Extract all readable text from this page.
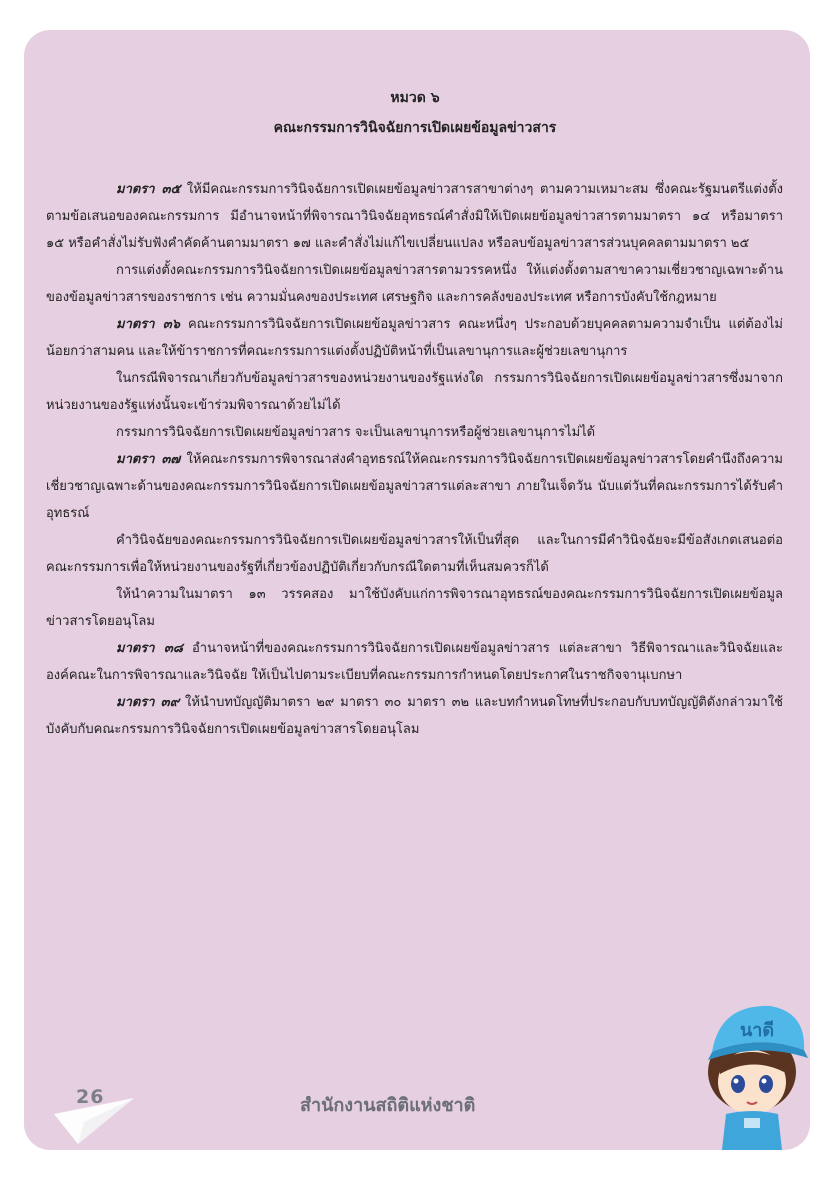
หมวด ๖
คณะกรรมการวินิจฉัยการเปิดเผยข้อมูลข่าวสาร

มาตรา ๓๕ ให้มีคณะกรรมการวินิจฉัยการเปิดเผยข้อมูลข่าวสารสาขาต่างๆ ตามความเหมาะสม ซึ่งคณะรัฐมนตรีแต่งตั้งตามข้อเสนอของคณะกรรมการ มีอำนาจหน้าที่พิจารณาวินิจฉัยอุทธรณ์คำสั่งมิให้เปิดเผยข้อมูลข่าวสารตามมาตรา ๑๔ หรือมาตรา ๑๕ หรือคำสั่งไม่รับฟังคำคัดค้านตามมาตรา ๑๗ และคำสั่งไม่แก้ไขเปลี่ยนแปลง หรือลบข้อมูลข่าวสารส่วนบุคคลตามมาตรา ๒๕

การแต่งตั้งคณะกรรมการวินิจฉัยการเปิดเผยข้อมูลข่าวสารตามวรรคหนึ่ง ให้แต่งตั้งตามสาขาความเชี่ยวชาญเฉพาะด้านของข้อมูลข่าวสารของราชการ เช่น ความมั่นคงของประเทศ เศรษฐกิจ และการคลังของประเทศ หรือการบังคับใช้กฎหมาย

มาตรา ๓๖ คณะกรรมการวินิจฉัยการเปิดเผยข้อมูลข่าวสาร คณะหนึ่งๆ ประกอบด้วยบุคคลตามความจำเป็น แต่ต้องไม่น้อยกว่าสามคน และให้ข้าราชการที่คณะกรรมการแต่งตั้งปฏิบัติหน้าที่เป็นเลขานุการและผู้ช่วยเลขานุการ

ในกรณีพิจารณาเกี่ยวกับข้อมูลข่าวสารของหน่วยงานของรัฐแห่งใด กรรมการวินิจฉัยการเปิดเผยข้อมูลข่าวสารซึ่งมาจากหน่วยงานของรัฐแห่งนั้นจะเข้าร่วมพิจารณาด้วยไม่ได้

กรรมการวินิจฉัยการเปิดเผยข้อมูลข่าวสาร จะเป็นเลขานุการหรือผู้ช่วยเลขานุการไม่ได้

มาตรา ๓๗ ให้คณะกรรมการพิจารณาส่งคำอุทธรณ์ให้คณะกรรมการวินิจฉัยการเปิดเผยข้อมูลข่าวสารโดยคำนึงถึงความเชี่ยวชาญเฉพาะด้านของคณะกรรมการวินิจฉัยการเปิดเผยข้อมูลข่าวสารแต่ละสาขา ภายในเจ็ดวัน นับแต่วันที่คณะกรรมการได้รับคำอุทธรณ์

คำวินิจฉัยของคณะกรรมการวินิจฉัยการเปิดเผยข้อมูลข่าวสารให้เป็นที่สุด และในการมีคำวินิจฉัยจะมีข้อสังเกตเสนอต่อคณะกรรมการเพื่อให้หน่วยงานของรัฐที่เกี่ยวข้องปฏิบัติเกี่ยวกับกรณีใดตามที่เห็นสมควรก็ได้

ให้นำความในมาตรา ๑๓ วรรคสอง มาใช้บังคับแก่การพิจารณาอุทธรณ์ของคณะกรรมการวินิจฉัยการเปิดเผยข้อมูลข่าวสารโดยอนุโลม

มาตรา ๓๘ อำนาจหน้าที่ของคณะกรรมการวินิจฉัยการเปิดเผยข้อมูลข่าวสาร แต่ละสาขา วิธีพิจารณาและวินิจฉัยและองค์คณะในการพิจารณาและวินิจฉัย ให้เป็นไปตามระเบียบที่คณะกรรมการกำหนดโดยประกาศในราชกิจจานุเบกษา

มาตรา ๓๙ ให้นำบทบัญญัติมาตรา ๒๙ มาตรา ๓๐ มาตรา ๓๒ และบทกำหนดโทษที่ประกอบกับบทบัญญัติดังกล่าวมาใช้บังคับกับคณะกรรมการวินิจฉัยการเปิดเผยข้อมูลข่าวสารโดยอนุโลม

26	สำนักงานสถิติแห่งชาติ
นาดี
